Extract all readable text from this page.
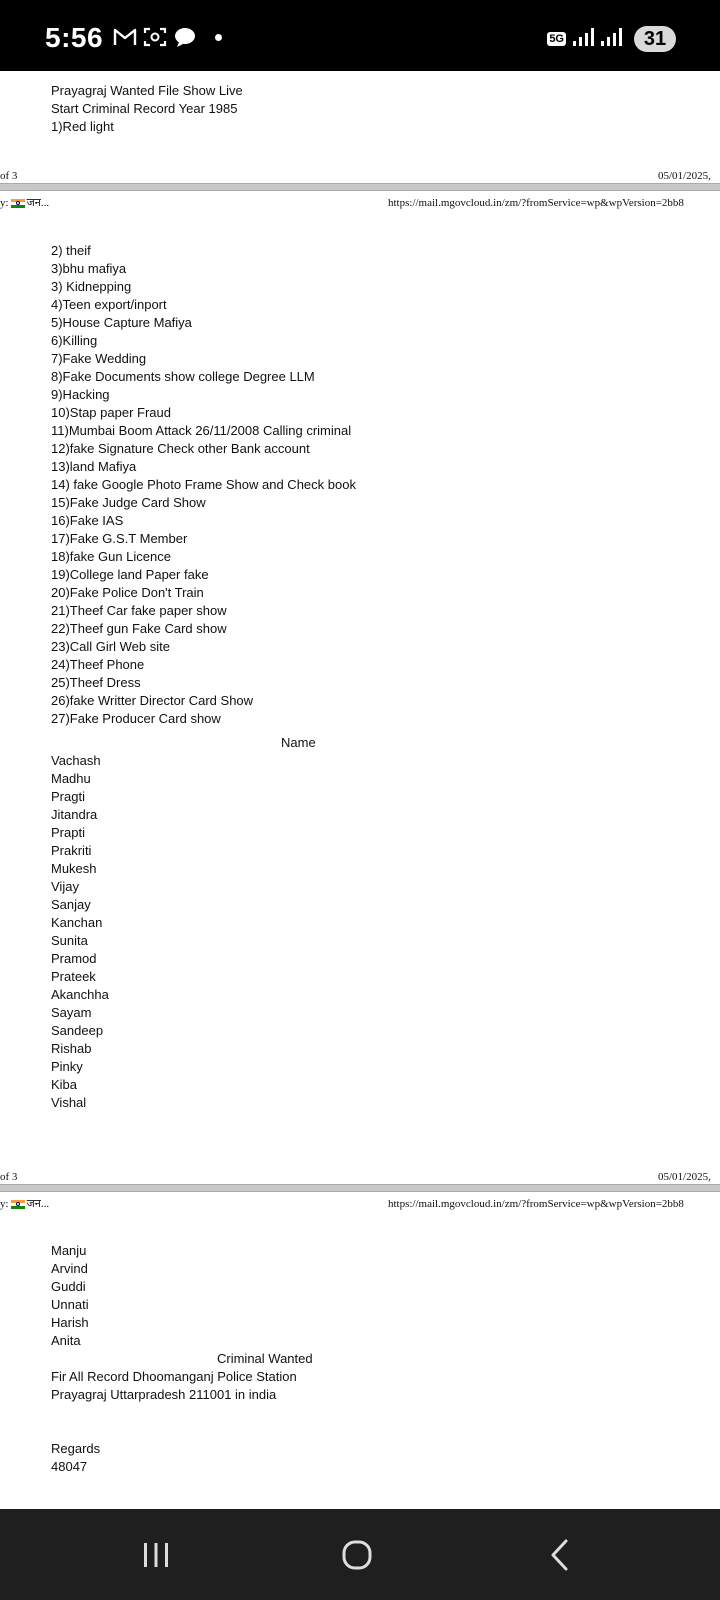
5:56	5G	31
Prayagraj Wanted File Show Live
Start Criminal Record Year 1985
1)Red light
of 3	05/01/2025,
y: जन...	https://mail.mgovcloud.in/zm/?fromService=wp&wpVersion=2bb8
2) theif
3)bhu mafiya
3) Kidnepping
4)Teen export/inport
5)House Capture Mafiya
6)Killing
7)Fake Wedding
8)Fake Documents show college Degree LLM
9)Hacking
10)Stap paper Fraud
11)Mumbai Boom Attack 26/11/2008 Calling criminal
12)fake Signature Check other Bank account
13)land Mafiya
14) fake Google Photo Frame Show and Check book
15)Fake Judge Card Show
16)Fake IAS
17)Fake G.S.T Member
18)fake Gun Licence
19)College land Paper fake
20)Fake Police Don't Train
21)Theef Car fake paper show
22)Theef gun Fake Card show
23)Call Girl Web site
24)Theef Phone
25)Theef Dress
26)fake Writter Director Card Show
27)Fake Producer Card show
Name
Vachash
Madhu
Pragti
Jitandra
Prapti
Prakriti
Mukesh
Vijay
Sanjay
Kanchan
Sunita
Pramod
Prateek
Akanchha
Sayam
Sandeep
Rishab
Pinky
Kiba
Vishal
of 3	05/01/2025,
y: जन...	https://mail.mgovcloud.in/zm/?fromService=wp&wpVersion=2bb8
Manju
Arvind
Guddi
Unnati
Harish
Anita
Criminal Wanted
Fir All Record Dhoomanganj Police Station
Prayagraj Uttarpradesh 211001 in india
Regards
48047
